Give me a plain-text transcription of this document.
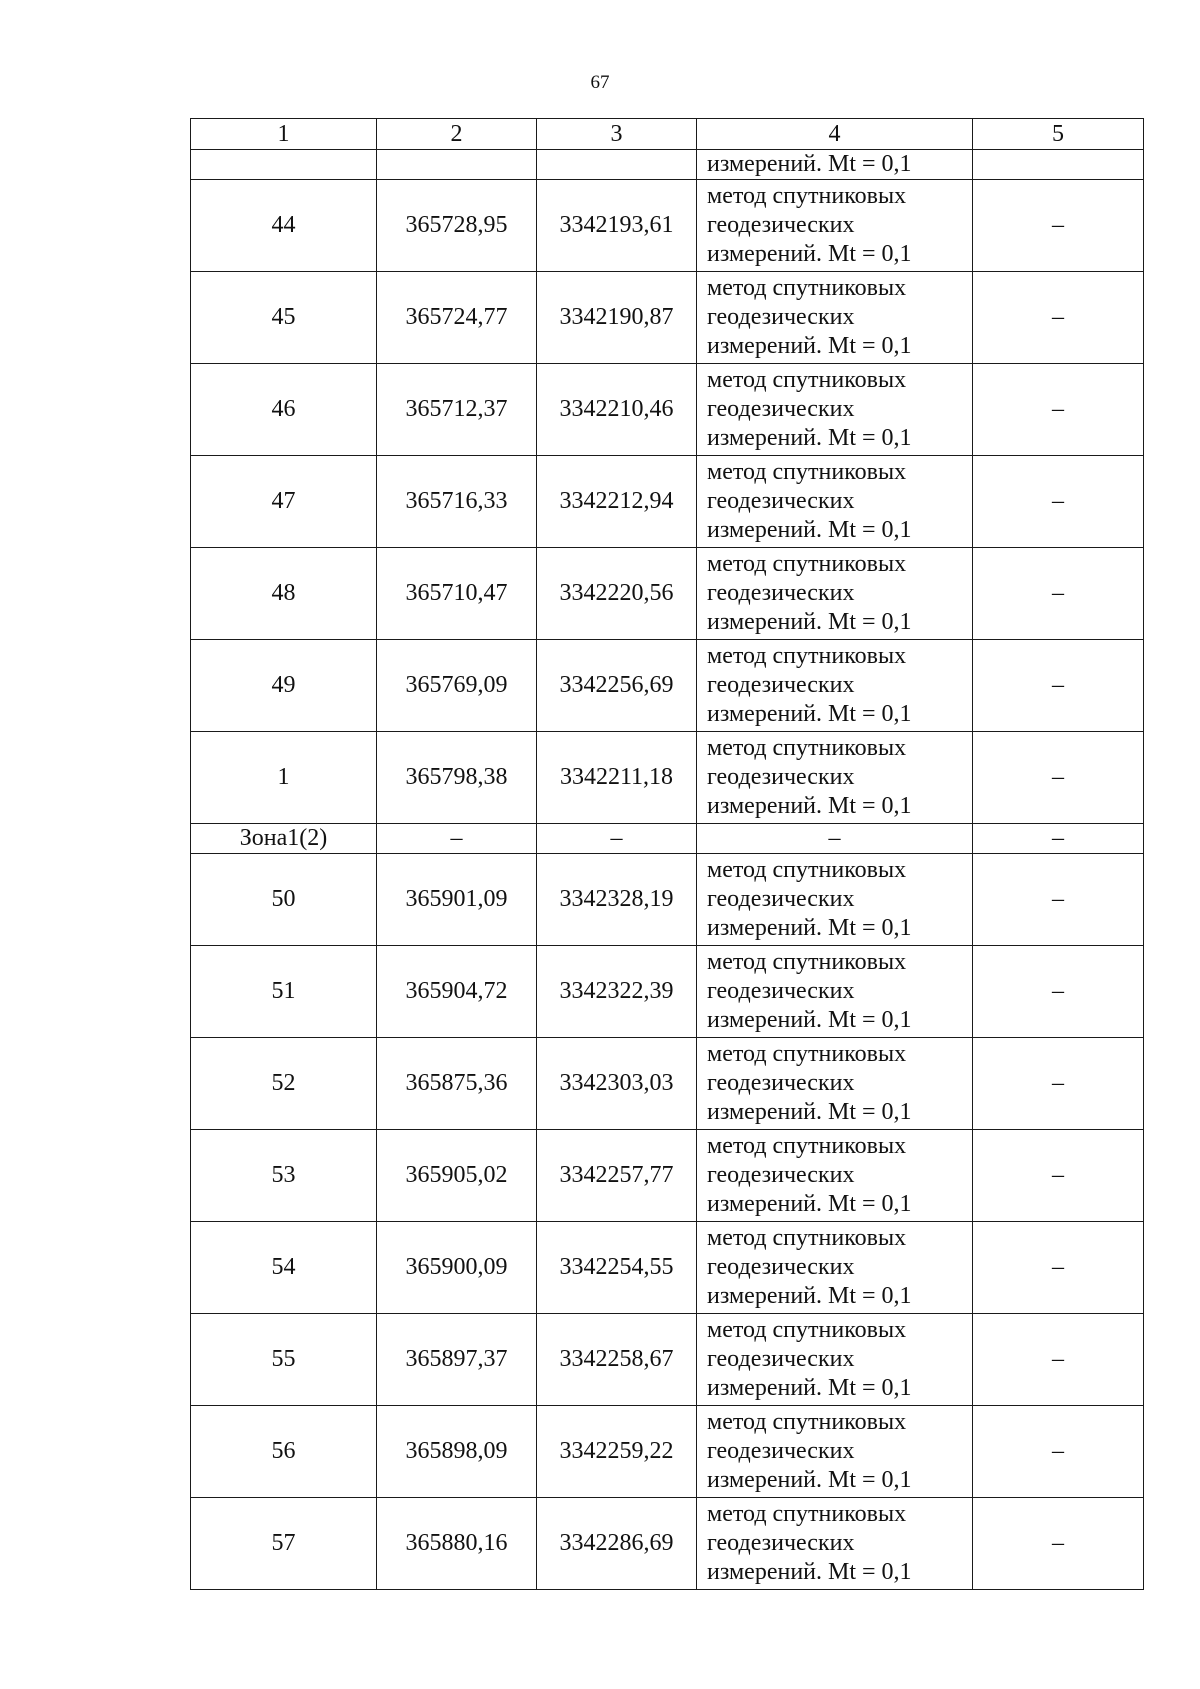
67
1	2	3	4	5
			измерений. Mt = 0,1	
44	365728,95	3342193,61	метод спутниковых
геодезических
измерений. Mt = 0,1	–
45	365724,77	3342190,87	метод спутниковых
геодезических
измерений. Mt = 0,1	–
46	365712,37	3342210,46	метод спутниковых
геодезических
измерений. Mt = 0,1	–
47	365716,33	3342212,94	метод спутниковых
геодезических
измерений. Mt = 0,1	–
48	365710,47	3342220,56	метод спутниковых
геодезических
измерений. Mt = 0,1	–
49	365769,09	3342256,69	метод спутниковых
геодезических
измерений. Mt = 0,1	–
1	365798,38	3342211,18	метод спутниковых
геодезических
измерений. Mt = 0,1	–
Зона1(2)	–	–	–	–
50	365901,09	3342328,19	метод спутниковых
геодезических
измерений. Mt = 0,1	–
51	365904,72	3342322,39	метод спутниковых
геодезических
измерений. Mt = 0,1	–
52	365875,36	3342303,03	метод спутниковых
геодезических
измерений. Mt = 0,1	–
53	365905,02	3342257,77	метод спутниковых
геодезических
измерений. Mt = 0,1	–
54	365900,09	3342254,55	метод спутниковых
геодезических
измерений. Mt = 0,1	–
55	365897,37	3342258,67	метод спутниковых
геодезических
измерений. Mt = 0,1	–
56	365898,09	3342259,22	метод спутниковых
геодезических
измерений. Mt = 0,1	–
57	365880,16	3342286,69	метод спутниковых
геодезических
измерений. Mt = 0,1	–
